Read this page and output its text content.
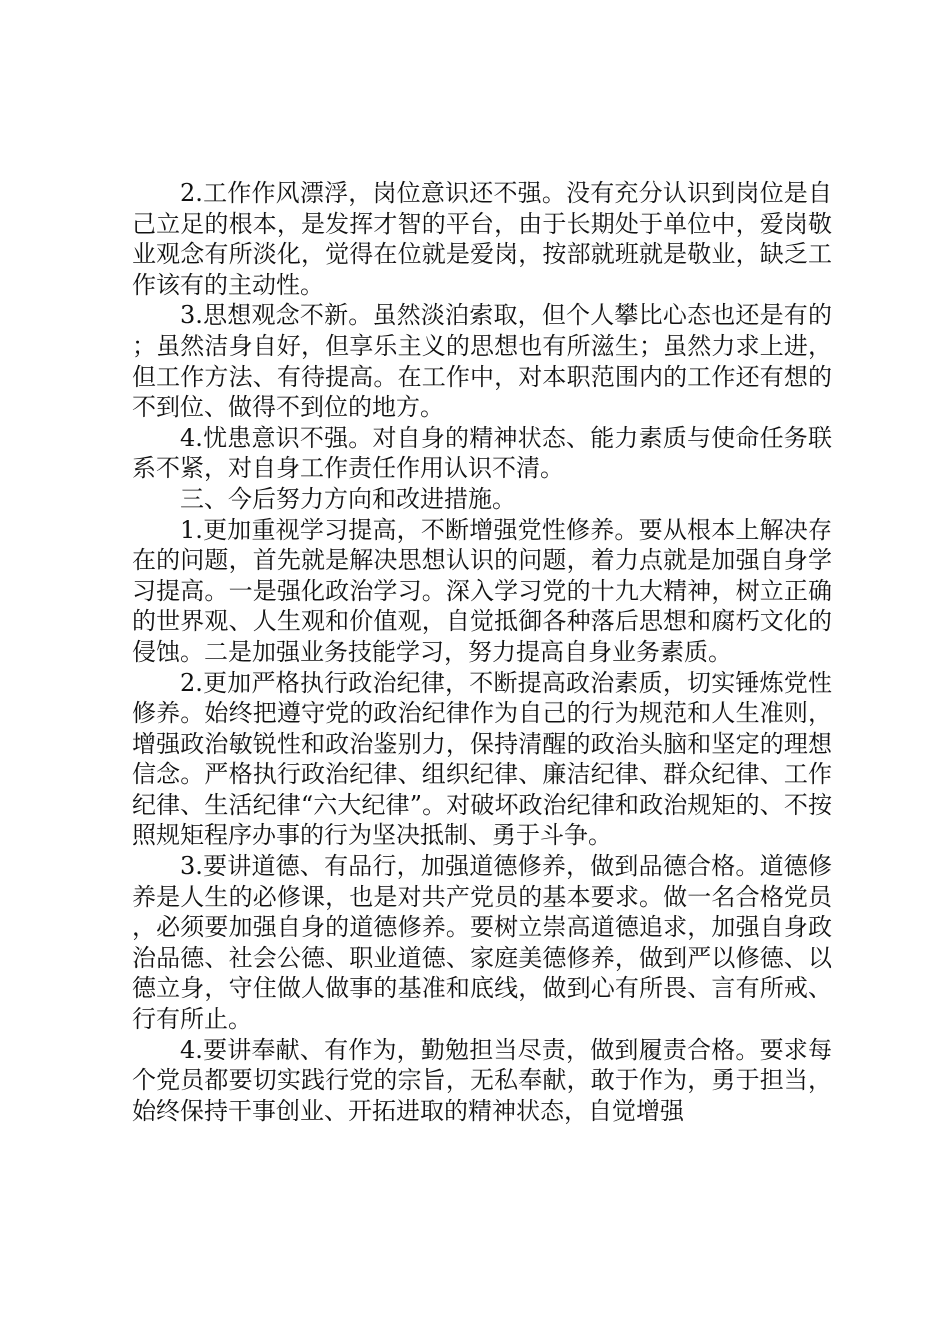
2.工作作风漂浮，岗位意识还不强。没有充分认识到岗位是自己立足的根本，是发挥才智的平台，由于长期处于单位中，爱岗敬业观念有所淡化，觉得在位就是爱岗，按部就班就是敬业，缺乏工作该有的主动性。

3.思想观念不新。虽然淡泊索取，但个人攀比心态也还是有的；虽然洁身自好，但享乐主义的思想也有所滋生；虽然力求上进，但工作方法、有待提高。在工作中，对本职范围内的工作还有想的不到位、做得不到位的地方。

4.忧患意识不强。对自身的精神状态、能力素质与使命任务联系不紧，对自身工作责任作用认识不清。

三、今后努力方向和改进措施。

1.更加重视学习提高，不断增强党性修养。要从根本上解决存在的问题，首先就是解决思想认识的问题，着力点就是加强自身学习提高。一是强化政治学习。深入学习党的十九大精神，树立正确的世界观、人生观和价值观，自觉抵御各种落后思想和腐朽文化的侵蚀。二是加强业务技能学习，努力提高自身业务素质。

2.更加严格执行政治纪律，不断提高政治素质，切实锤炼党性修养。始终把遵守党的政治纪律作为自己的行为规范和人生准则，增强政治敏锐性和政治鉴别力，保持清醒的政治头脑和坚定的理想信念。严格执行政治纪律、组织纪律、廉洁纪律、群众纪律、工作纪律、生活纪律“六大纪律”。对破坏政治纪律和政治规矩的、不按照规矩程序办事的行为坚决抵制、勇于斗争。

3.要讲道德、有品行，加强道德修养，做到品德合格。道德修养是人生的必修课，也是对共产党员的基本要求。做一名合格党员，必须要加强自身的道德修养。要树立崇高道德追求，加强自身政治品德、社会公德、职业道德、家庭美德修养，做到严以修德、以德立身，守住做人做事的基准和底线，做到心有所畏、言有所戒、行有所止。

4.要讲奉献、有作为，勤勉担当尽责，做到履责合格。要求每个党员都要切实践行党的宗旨，无私奉献，敢于作为，勇于担当，始终保持干事创业、开拓进取的精神状态，自觉增强
